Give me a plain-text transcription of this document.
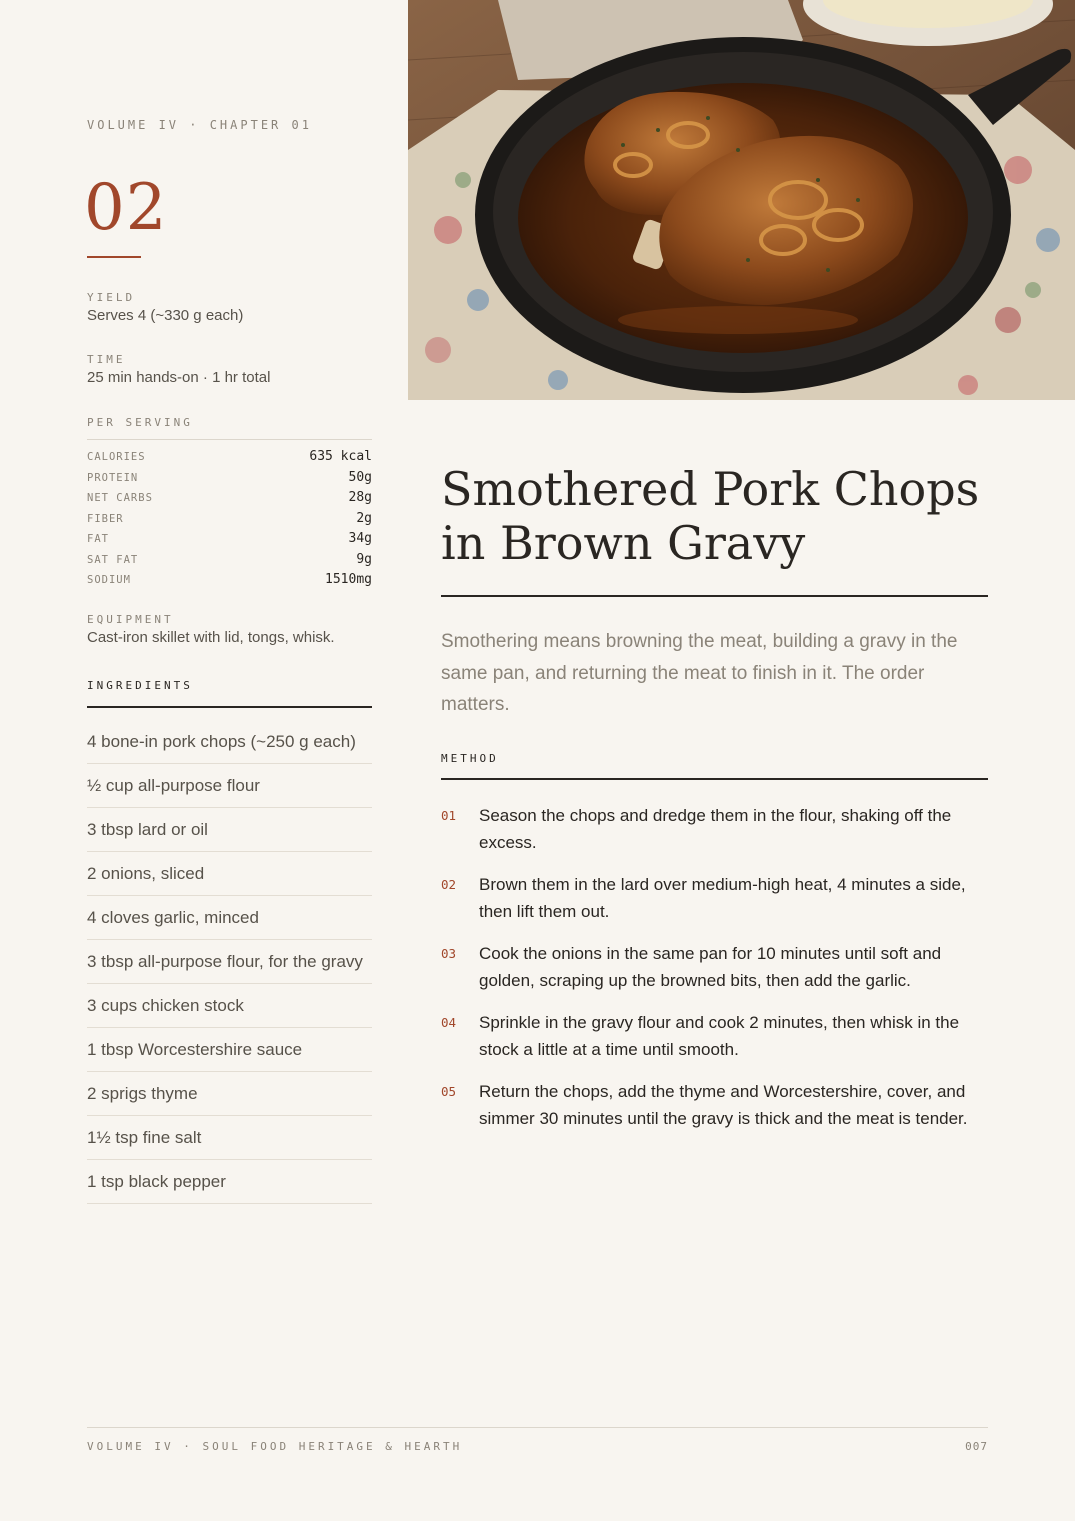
VOLUME IV · CHAPTER 01
02
YIELD
Serves 4 (~330 g each)
TIME
25 min hands-on · 1 hr total
PER SERVING
CALORIES	635 kcal
PROTEIN	50g
NET CARBS	28g
FIBER	2g
FAT	34g
SAT FAT	9g
SODIUM	1510mg
EQUIPMENT
Cast-iron skillet with lid, tongs, whisk.
INGREDIENTS
4 bone-in pork chops (~250 g each)
½ cup all-purpose flour
3 tbsp lard or oil
2 onions, sliced
4 cloves garlic, minced
3 tbsp all-purpose flour, for the gravy
3 cups chicken stock
1 tbsp Worcestershire sauce
2 sprigs thyme
1½ tsp fine salt
1 tsp black pepper
Smothered Pork Chops in Brown Gravy

Smothering means browning the meat, building a gravy in the same pan, and returning the meat to finish in it. The order matters.

METHOD
01	Season the chops and dredge them in the flour, shaking off the excess.
02	Brown them in the lard over medium-high heat, 4 minutes a side, then lift them out.
03	Cook the onions in the same pan for 10 minutes until soft and golden, scraping up the browned bits, then add the garlic.
04	Sprinkle in the gravy flour and cook 2 minutes, then whisk in the stock a little at a time until smooth.
05	Return the chops, add the thyme and Worcestershire, cover, and simmer 30 minutes until the gravy is thick and the meat is tender.
VOLUME IV · SOUL FOOD HERITAGE & HEARTH	007
